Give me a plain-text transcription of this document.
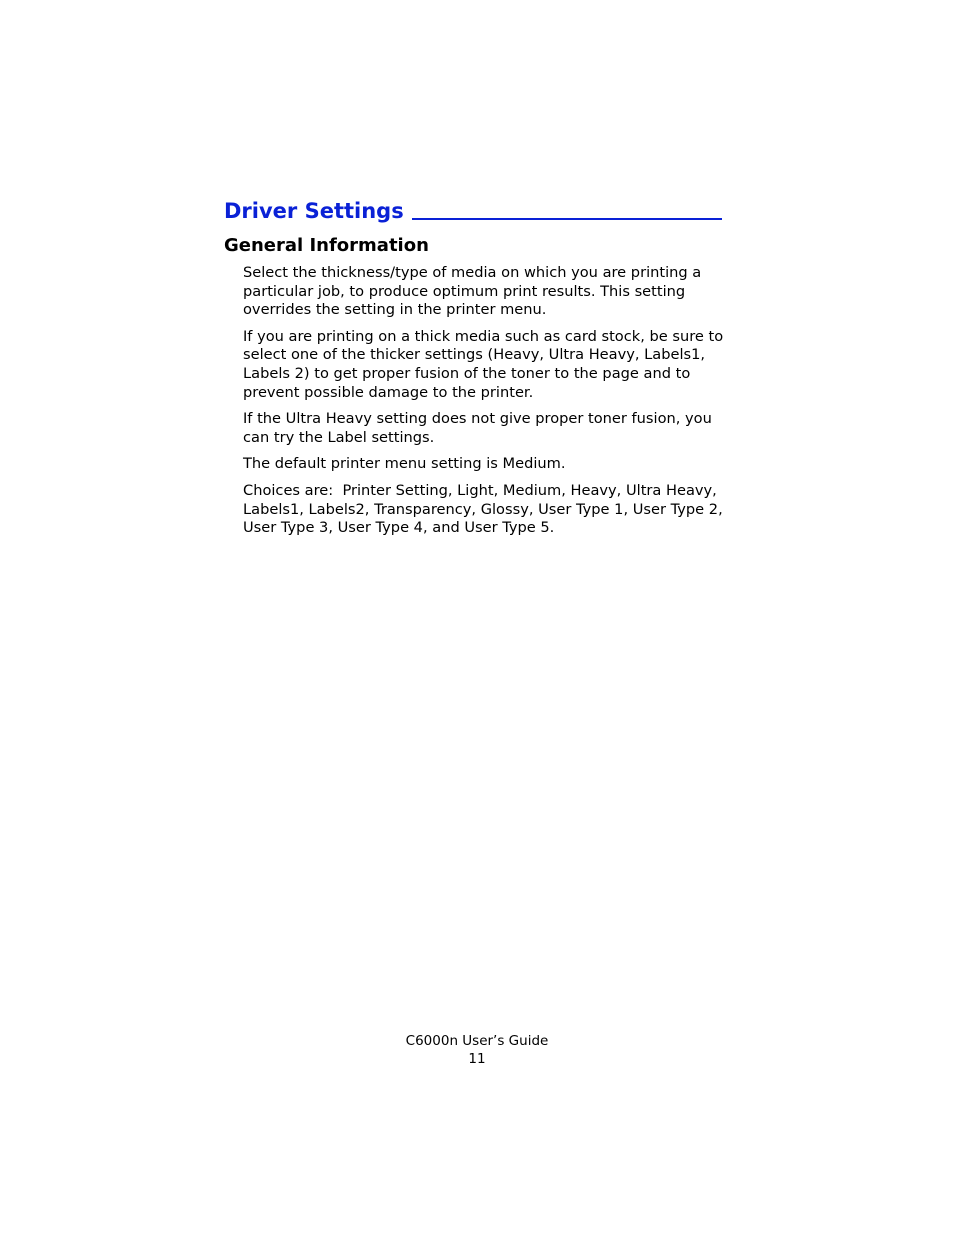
Driver Settings
General Information

Select the thickness/type of media on which you are printing a particular job, to produce optimum print results. This setting overrides the setting in the printer menu.

If you are printing on a thick media such as card stock, be sure to select one of the thicker settings (Heavy, Ultra Heavy, Labels1, Labels 2) to get proper fusion of the toner to the page and to prevent possible damage to the printer.

If the Ultra Heavy setting does not give proper toner fusion, you can try the Label settings.

The default printer menu setting is Medium.

Choices are:  Printer Setting, Light, Medium, Heavy, Ultra Heavy, Labels1, Labels2, Transparency, Glossy, User Type 1, User Type 2, User Type 3, User Type 4, and User Type 5.

C6000n User’s Guide
11
